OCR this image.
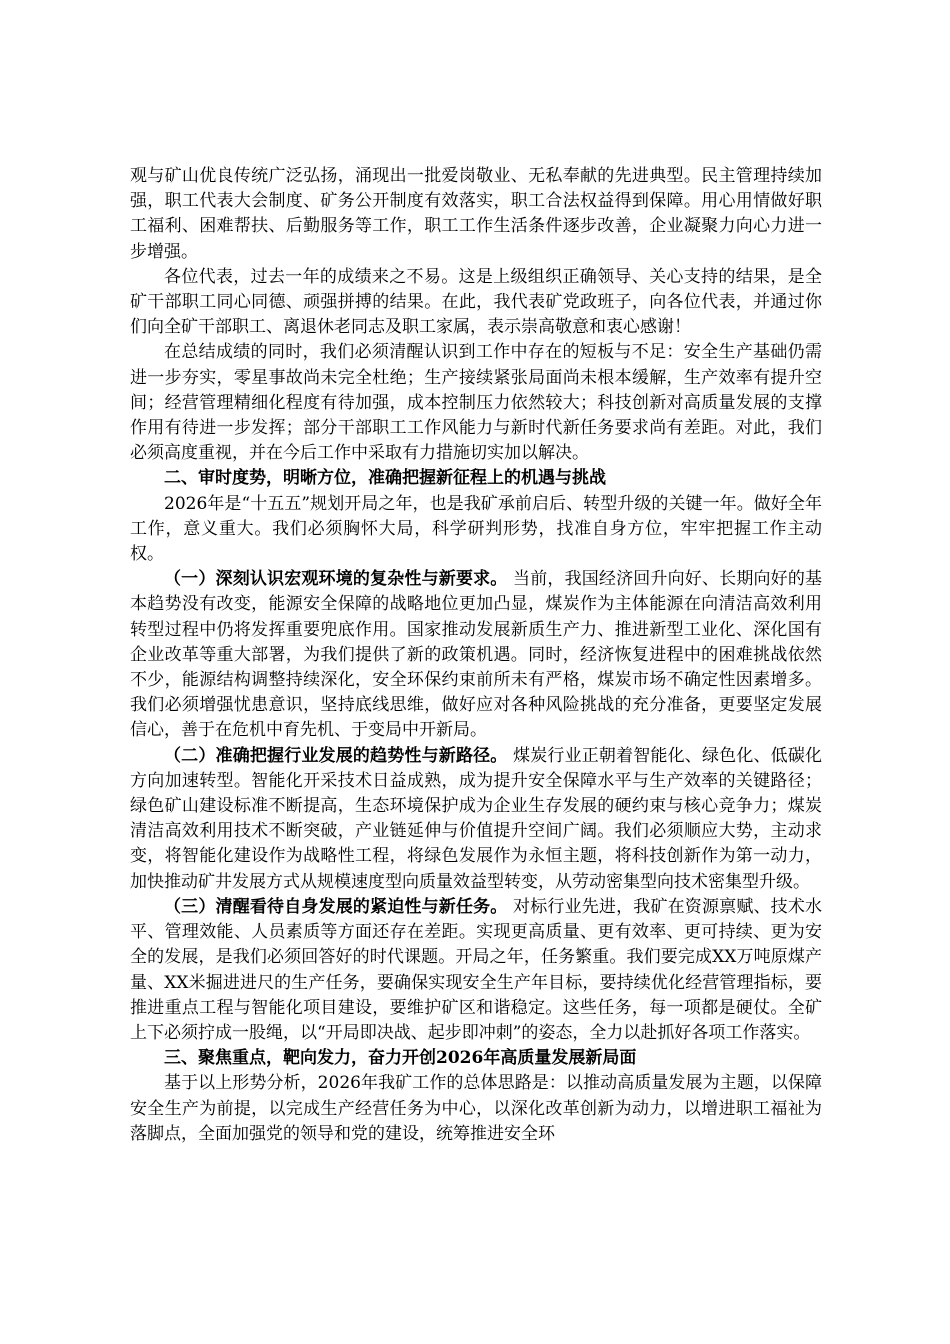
观与矿山优良传统广泛弘扬，涌现出一批爱岗敬业、无私奉献的先进典型。民主管理持续加强，职工代表大会制度、矿务公开制度有效落实，职工合法权益得到保障。用心用情做好职工福利、困难帮扶、后勤服务等工作，职工工作生活条件逐步改善，企业凝聚力向心力进一步增强。

各位代表，过去一年的成绩来之不易。这是上级组织正确领导、关心支持的结果，是全矿干部职工同心同德、顽强拼搏的结果。在此，我代表矿党政班子，向各位代表，并通过你们向全矿干部职工、离退休老同志及职工家属，表示崇高敬意和衷心感谢！

在总结成绩的同时，我们必须清醒认识到工作中存在的短板与不足：安全生产基础仍需进一步夯实，零星事故尚未完全杜绝；生产接续紧张局面尚未根本缓解，生产效率有提升空间；经营管理精细化程度有待加强，成本控制压力依然较大；科技创新对高质量发展的支撑作用有待进一步发挥；部分干部职工工作风能力与新时代新任务要求尚有差距。对此，我们必须高度重视，并在今后工作中采取有力措施切实加以解决。

二、审时度势，明晰方位，准确把握新征程上的机遇与挑战

2026年是“十五五”规划开局之年，也是我矿承前启后、转型升级的关键一年。做好全年工作，意义重大。我们必须胸怀大局，科学研判形势，找准自身方位，牢牢把握工作主动权。

（一）深刻认识宏观环境的复杂性与新要求。 当前，我国经济回升向好、长期向好的基本趋势没有改变，能源安全保障的战略地位更加凸显，煤炭作为主体能源在向清洁高效利用转型过程中仍将发挥重要兜底作用。国家推动发展新质生产力、推进新型工业化、深化国有企业改革等重大部署，为我们提供了新的政策机遇。同时，经济恢复进程中的困难挑战依然不少，能源结构调整持续深化，安全环保约束前所未有严格，煤炭市场不确定性因素增多。我们必须增强忧患意识，坚持底线思维，做好应对各种风险挑战的充分准备，更要坚定发展信心，善于在危机中育先机、于变局中开新局。

（二）准确把握行业发展的趋势性与新路径。 煤炭行业正朝着智能化、绿色化、低碳化方向加速转型。智能化开采技术日益成熟，成为提升安全保障水平与生产效率的关键路径；绿色矿山建设标准不断提高，生态环境保护成为企业生存发展的硬约束与核心竞争力；煤炭清洁高效利用技术不断突破，产业链延伸与价值提升空间广阔。我们必须顺应大势，主动求变，将智能化建设作为战略性工程，将绿色发展作为永恒主题，将科技创新作为第一动力，加快推动矿井发展方式从规模速度型向质量效益型转变，从劳动密集型向技术密集型升级。

（三）清醒看待自身发展的紧迫性与新任务。 对标行业先进，我矿在资源禀赋、技术水平、管理效能、人员素质等方面还存在差距。实现更高质量、更有效率、更可持续、更为安全的发展，是我们必须回答好的时代课题。开局之年，任务繁重。我们要完成XX万吨原煤产量、XX米掘进进尺的生产任务，要确保实现安全生产年目标，要持续优化经营管理指标，要推进重点工程与智能化项目建设，要维护矿区和谐稳定。这些任务，每一项都是硬仗。全矿上下必须拧成一股绳，以“开局即决战、起步即冲刺”的姿态，全力以赴抓好各项工作落实。

三、聚焦重点，靶向发力，奋力开创2026年高质量发展新局面

基于以上形势分析，2026年我矿工作的总体思路是：以推动高质量发展为主题，以保障安全生产为前提，以完成生产经营任务为中心，以深化改革创新为动力，以增进职工福祉为落脚点，全面加强党的领导和党的建设，统筹推进安全环
